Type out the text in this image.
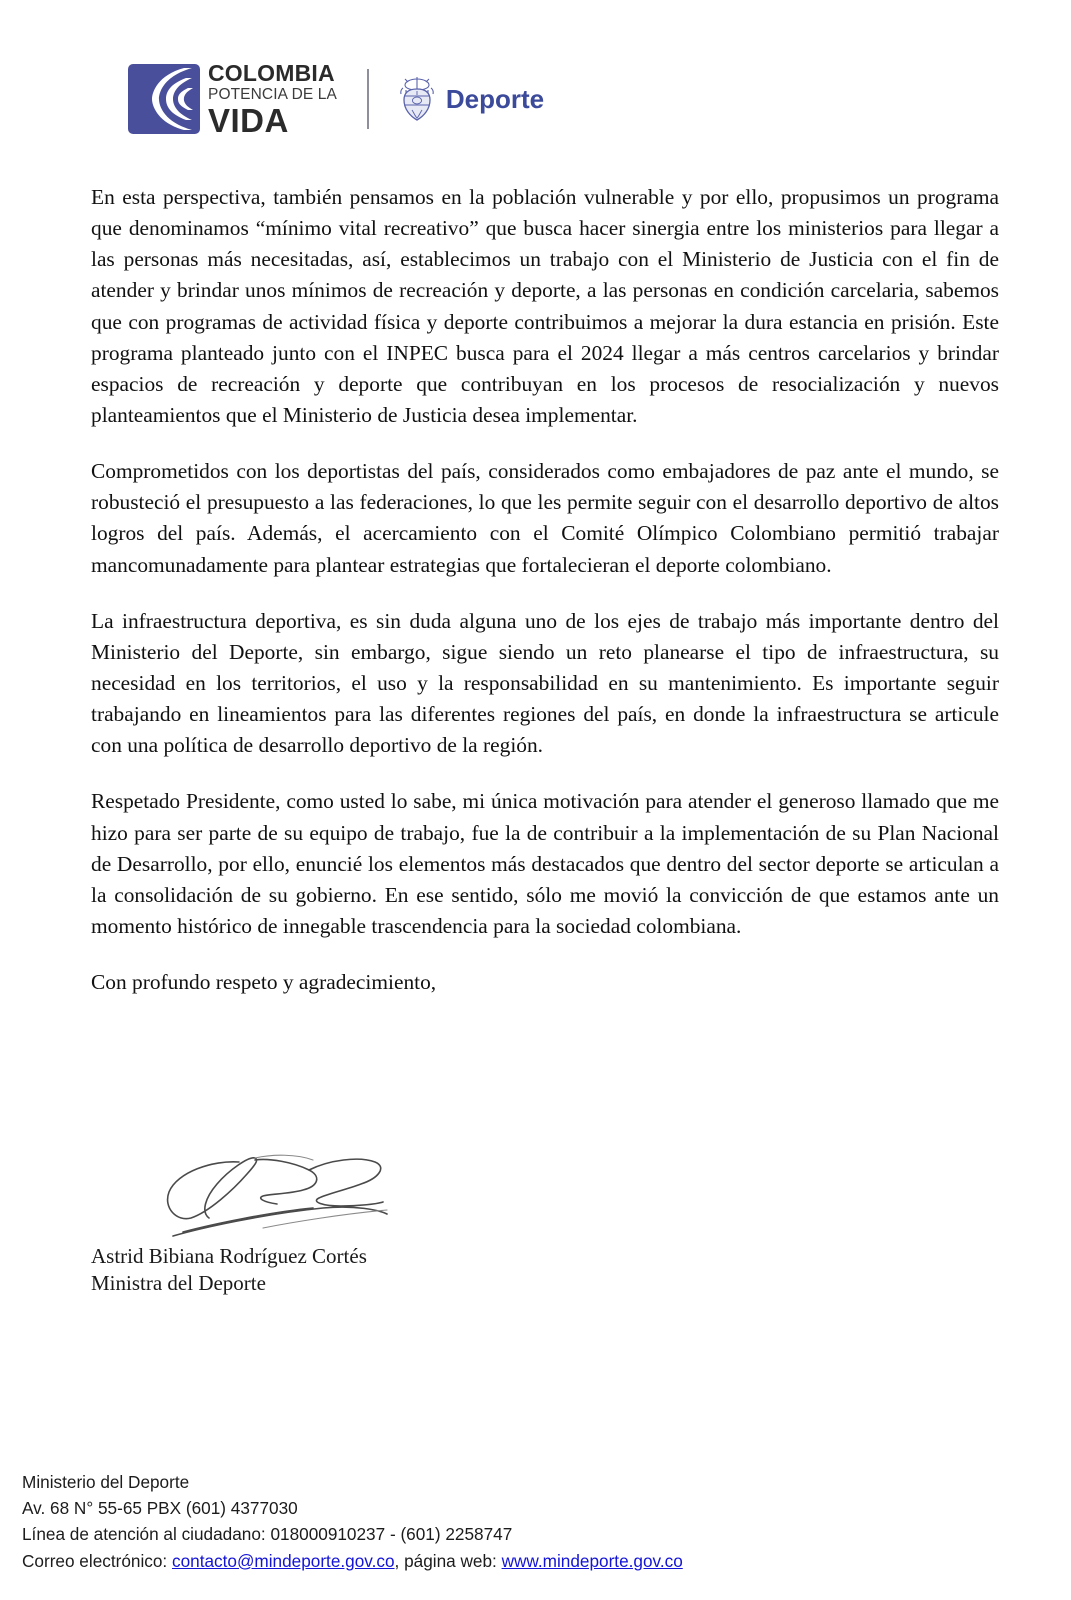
COLOMBIA
POTENCIA DE LA
VIDA
Deporte

En esta perspectiva, también pensamos en la población vulnerable y por ello, propusimos un programa que denominamos “mínimo vital recreativo” que busca hacer sinergia entre los ministerios para llegar a las personas más necesitadas, así, establecimos un trabajo con el Ministerio de Justicia con el fin de atender y brindar unos mínimos de recreación y deporte, a las personas en condición carcelaria, sabemos que con programas de actividad física y deporte contribuimos a mejorar la dura estancia en prisión. Este programa planteado junto con el INPEC busca para el 2024 llegar a más centros carcelarios y brindar espacios de recreación y deporte que contribuyan en los procesos de resocialización y nuevos planteamientos que el Ministerio de Justicia desea implementar.

Comprometidos con los deportistas del país, considerados como embajadores de paz ante el mundo, se robusteció el presupuesto a las federaciones, lo que les permite seguir con el desarrollo deportivo de altos logros del país. Además, el acercamiento con el Comité Olímpico Colombiano permitió trabajar mancomunadamente para plantear estrategias que fortalecieran el deporte colombiano.

La infraestructura deportiva, es sin duda alguna uno de los ejes de trabajo más importante dentro del Ministerio del Deporte, sin embargo, sigue siendo un reto planearse el tipo de infraestructura, su necesidad en los territorios, el uso y la responsabilidad en su mantenimiento. Es importante seguir trabajando en lineamientos para las diferentes regiones del país, en donde la infraestructura se articule con una política de desarrollo deportivo de la región.

Respetado Presidente, como usted lo sabe, mi única motivación para atender el generoso llamado que me hizo para ser parte de su equipo de trabajo, fue la de contribuir a la implementación de su Plan Nacional de Desarrollo, por ello, enuncié los elementos más destacados que dentro del sector deporte se articulan a la consolidación de su gobierno. En ese sentido, sólo me movió la convicción de que estamos ante un momento histórico de innegable trascendencia para la sociedad colombiana.

Con profundo respeto y agradecimiento,

Astrid Bibiana Rodríguez Cortés
Ministra del Deporte
Ministerio del Deporte
Av. 68 N° 55-65 PBX (601) 4377030
Línea de atención al ciudadano: 018000910237 - (601) 2258747
Correo electrónico: contacto@mindeporte.gov.co, página web: www.mindeporte.gov.co
